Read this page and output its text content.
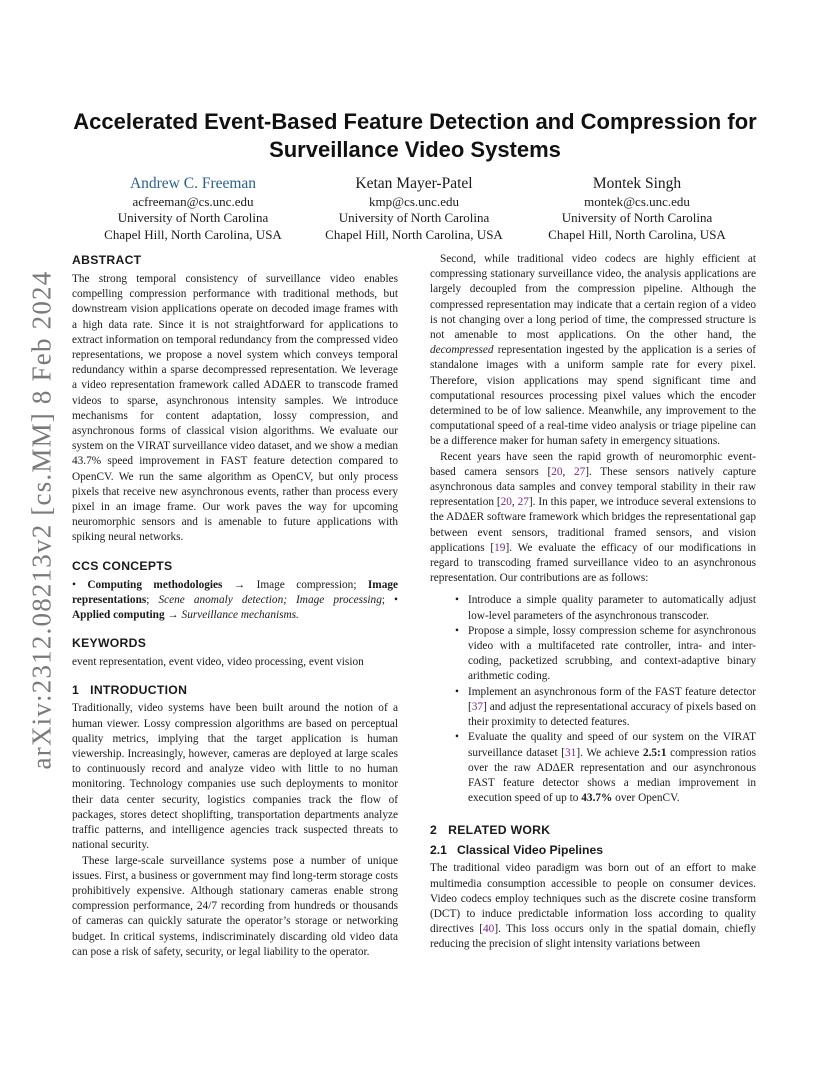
arXiv:2312.08213v2 [cs.MM] 8 Feb 2024
Accelerated Event-Based Feature Detection and Compression for Surveillance Video Systems
Andrew C. Freeman
acfreeman@cs.unc.edu
University of North Carolina
Chapel Hill, North Carolina, USA
Ketan Mayer-Patel
kmp@cs.unc.edu
University of North Carolina
Chapel Hill, North Carolina, USA
Montek Singh
montek@cs.unc.edu
University of North Carolina
Chapel Hill, North Carolina, USA
ABSTRACT

The strong temporal consistency of surveillance video enables compelling compression performance with traditional methods, but downstream vision applications operate on decoded image frames with a high data rate. Since it is not straightforward for applications to extract information on temporal redundancy from the compressed video representations, we propose a novel system which conveys temporal redundancy within a sparse decompressed representation. We leverage a video representation framework called ADΔER to transcode framed videos to sparse, asynchronous intensity samples. We introduce mechanisms for content adaptation, lossy compression, and asynchronous forms of classical vision algorithms. We evaluate our system on the VIRAT surveillance video dataset, and we show a median 43.7% speed improvement in FAST feature detection compared to OpenCV. We run the same algorithm as OpenCV, but only process pixels that receive new asynchronous events, rather than process every pixel in an image frame. Our work paves the way for upcoming neuromorphic sensors and is amenable to future applications with spiking neural networks.

CCS CONCEPTS

• Computing methodologies → Image compression; Image representations; Scene anomaly detection; Image processing; • Applied computing → Surveillance mechanisms.

KEYWORDS

event representation, event video, video processing, event vision

1 INTRODUCTION

Traditionally, video systems have been built around the notion of a human viewer. Lossy compression algorithms are based on perceptual quality metrics, implying that the target application is human viewership. Increasingly, however, cameras are deployed at large scales to continuously record and analyze video with little to no human monitoring. Technology companies use such deployments to monitor their data center security, logistics companies track the flow of packages, stores detect shoplifting, transportation departments analyze traffic patterns, and intelligence agencies track suspected threats to national security.

These large-scale surveillance systems pose a number of unique issues. First, a business or government may find long-term storage costs prohibitively expensive. Although stationary cameras enable strong compression performance, 24/7 recording from hundreds or thousands of cameras can quickly saturate the operator’s storage or networking budget. In critical systems, indiscriminately discarding old video data can pose a risk of safety, security, or legal liability to the operator.

Second, while traditional video codecs are highly efficient at compressing stationary surveillance video, the analysis applications are largely decoupled from the compression pipeline. Although the compressed representation may indicate that a certain region of a video is not changing over a long period of time, the compressed structure is not amenable to most applications. On the other hand, the decompressed representation ingested by the application is a series of standalone images with a uniform sample rate for every pixel. Therefore, vision applications may spend significant time and computational resources processing pixel values which the encoder determined to be of low salience. Meanwhile, any improvement to the computational speed of a real-time video analysis or triage pipeline can be a difference maker for human safety in emergency situations.

Recent years have seen the rapid growth of neuromorphic event-based camera sensors [20, 27]. These sensors natively capture asynchronous data samples and convey temporal stability in their raw representation [20, 27]. In this paper, we introduce several extensions to the ADΔER software framework which bridges the representational gap between event sensors, traditional framed sensors, and vision applications [19]. We evaluate the efficacy of our modifications in regard to transcoding framed surveillance video to an asynchronous representation. Our contributions are as follows:

• Introduce a simple quality parameter to automatically adjust low-level parameters of the asynchronous transcoder.
• Propose a simple, lossy compression scheme for asynchronous video with a multifaceted rate controller, intra- and inter-coding, packetized scrubbing, and context-adaptive binary arithmetic coding.
• Implement an asynchronous form of the FAST feature detector [37] and adjust the representational accuracy of pixels based on their proximity to detected features.
• Evaluate the quality and speed of our system on the VIRAT surveillance dataset [31]. We achieve 2.5:1 compression ratios over the raw ADΔER representation and our asynchronous FAST feature detector shows a median improvement in execution speed of up to 43.7% over OpenCV.
2 RELATED WORK
2.1 Classical Video Pipelines

The traditional video paradigm was born out of an effort to make multimedia consumption accessible to people on consumer devices. Video codecs employ techniques such as the discrete cosine transform (DCT) to induce predictable information loss according to quality directives [40]. This loss occurs only in the spatial domain, chiefly reducing the precision of slight intensity variations between
